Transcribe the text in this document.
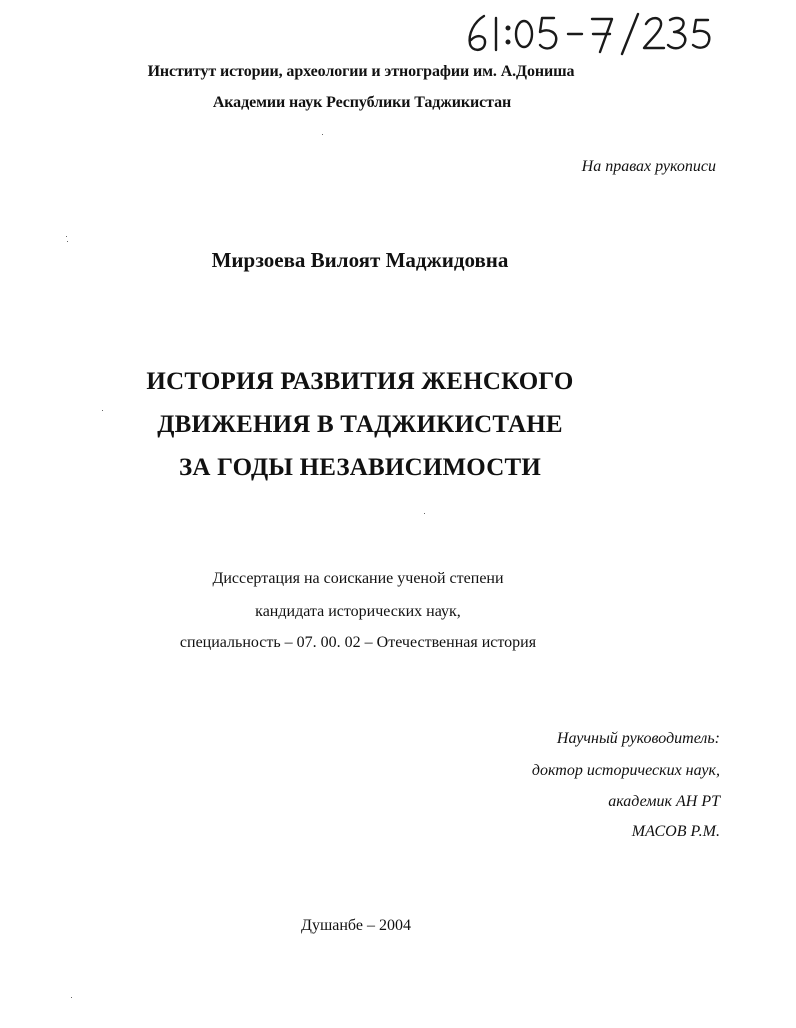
Институт истории, археологии и этнографии им. А.Дониша
Академии наук Республики Таджикистан
На правах рукописи
Мирзоева Вилоят Маджидовна
ИСТОРИЯ РАЗВИТИЯ ЖЕНСКОГО
ДВИЖЕНИЯ В ТАДЖИКИСТАНЕ
ЗА ГОДЫ НЕЗАВИСИМОСТИ
Диссертация на соискание ученой степени
кандидата исторических наук,
специальность – 07. 00. 02 – Отечественная история
Научный руководитель:
доктор исторических наук,
академик АН РТ
МАСОВ Р.М.
Душанбе – 2004
